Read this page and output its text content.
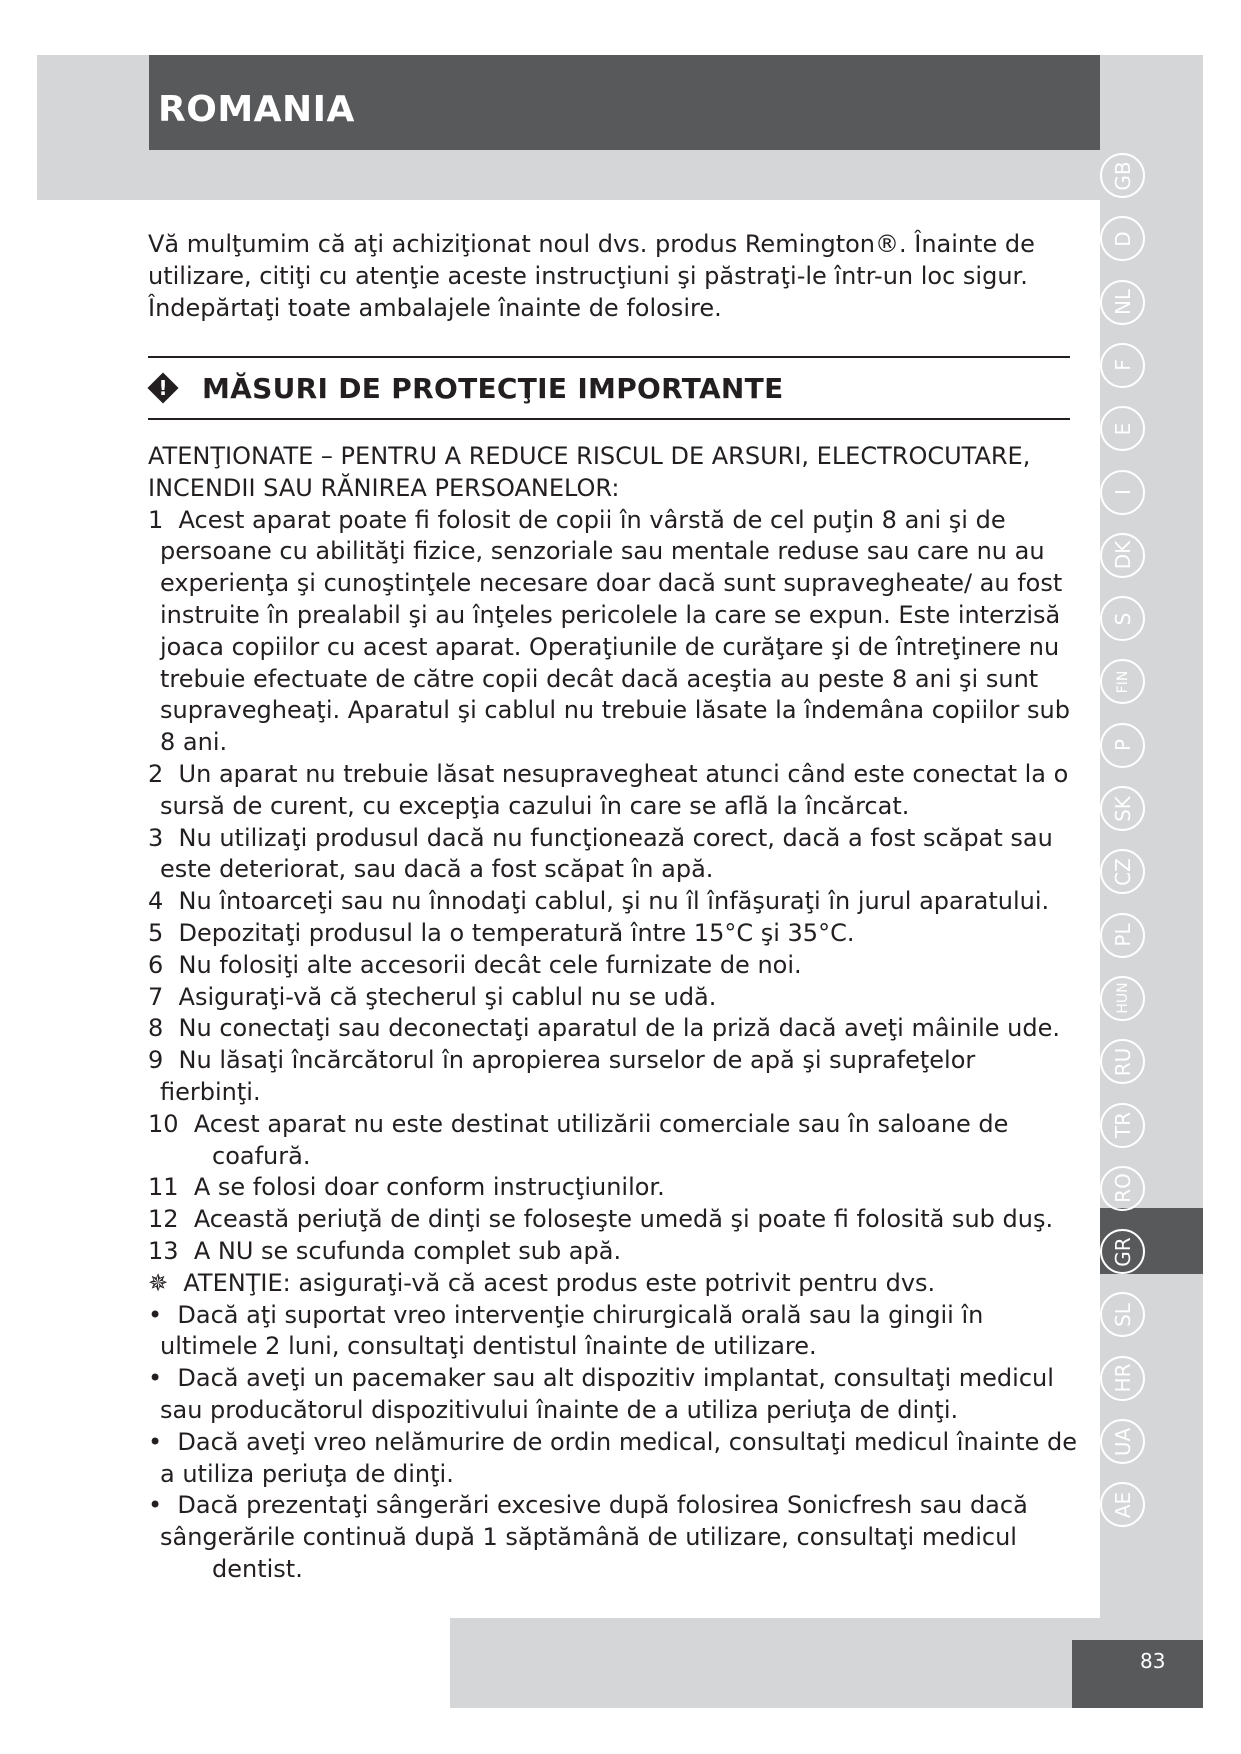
ROMANIA
GB
D
NL
F
E
I
DK
S
FIN
P
SK
CZ
PL
HUN
RU
TR
RO
GR
SL
HR
UA
AE

Vă mulţumim că aţi achiziţionat noul dvs. produs Remington®. Înainte de utilizare, citiţi cu atenţie aceste instrucţiuni şi păstraţi-le într-un loc sigur. Îndepărtaţi toate ambalajele înainte de folosire.

!	MĂSURI DE PROTECŢIE IMPORTANTE
ATENŢIONATE – PENTRU A REDUCE RISCUL DE ARSURI, ELECTROCUTARE, INCENDII SAU RĂNIREA PERSOANELOR:
1 Acest aparat poate fi folosit de copii în vârstă de cel puţin 8 ani şi de persoane cu abilităţi fizice, senzoriale sau mentale reduse sau care nu au experienţa şi cunoştinţele necesare doar dacă sunt supravegheate/ au fost instruite în prealabil şi au înţeles pericolele la care se expun. Este interzisă joaca copiilor cu acest aparat. Operaţiunile de curăţare şi de întreţinere nu trebuie efectuate de către copii decât dacă aceştia au peste 8 ani şi sunt supravegheaţi. Aparatul şi cablul nu trebuie lăsate la îndemâna copiilor sub 8 ani.
2 Un aparat nu trebuie lăsat nesupravegheat atunci când este conectat la o sursă de curent, cu excepţia cazului în care se află la încărcat.
3 Nu utilizaţi produsul dacă nu funcţionează corect, dacă a fost scăpat sau este deteriorat, sau dacă a fost scăpat în apă.
4 Nu întoarceţi sau nu înnodaţi cablul, şi nu îl înfăşuraţi în jurul aparatului.
5 Depozitaţi produsul la o temperatură între 15°C şi 35°C.
6 Nu folosiţi alte accesorii decât cele furnizate de noi.
7 Asiguraţi-vă că ştecherul şi cablul nu se udă.
8 Nu conectaţi sau deconectaţi aparatul de la priză dacă aveţi mâinile ude.
9 Nu lăsaţi încărcătorul în apropierea surselor de apă şi suprafeţelor fierbinţi.
10 Acest aparat nu este destinat utilizării comerciale sau în saloane de
coafură.
11 A se folosi doar conform instrucţiunilor.
12 Această periuţă de dinţi se foloseşte umedă şi poate fi folosită sub duş.
13 A NU se scufunda complet sub apă.
✵ ATENŢIE: asiguraţi-vă că acest produs este potrivit pentru dvs.
• Dacă aţi suportat vreo intervenţie chirurgicală orală sau la gingii în ultimele 2 luni, consultaţi dentistul înainte de utilizare.
• Dacă aveţi un pacemaker sau alt dispozitiv implantat, consultaţi medicul sau producătorul dispozitivului înainte de a utiliza periuţa de dinţi.
• Dacă aveţi vreo nelămurire de ordin medical, consultaţi medicul înainte de a utiliza periuţa de dinţi.
• Dacă prezentaţi sângerări excesive după folosirea Sonicfresh sau dacă sângerările continuă după 1 săptămână de utilizare, consultaţi medicul
dentist.
83
